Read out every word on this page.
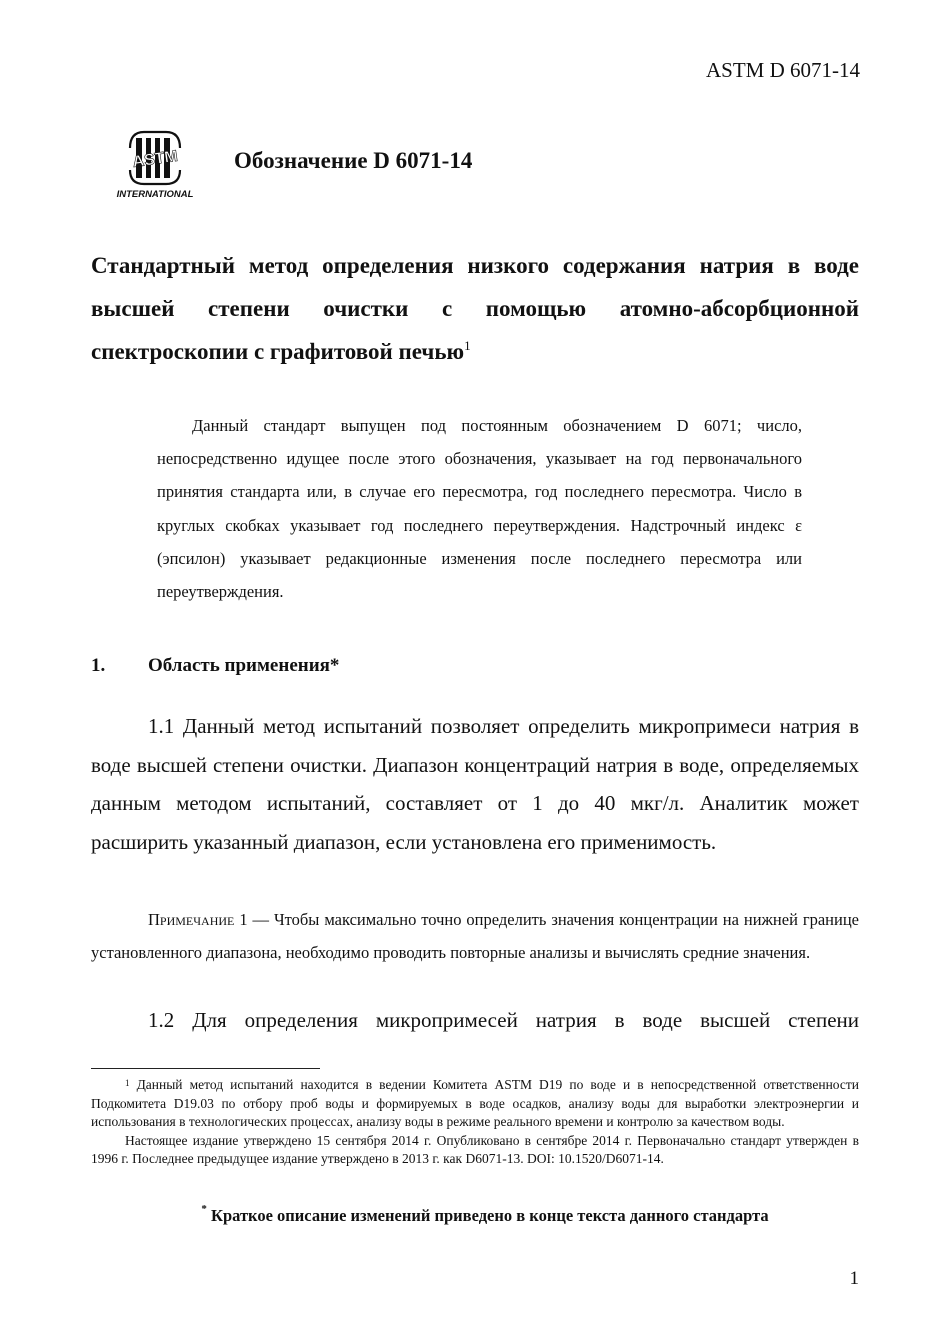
ASTM D 6071-14
ASTM
INTERNATIONAL
Обозначение D 6071-14
Стандартный метод определения низкого содержания натрия в воде высшей степени очистки с помощью атомно-абсорбционной спектроскопии с графитовой печью$^1$

Данный стандарт выпущен под постоянным обозначением D 6071; число, непосредственно идущее после этого обозначения, указывает на год первоначального принятия стандарта или, в случае его пересмотра, год последнего пересмотра. Число в круглых скобках указывает год последнего переутверждения. Надстрочный индекс ε (эпсилон) указывает редакционные изменения после последнего пересмотра или переутверждения.

1. Область применения*

1.1 Данный метод испытаний позволяет определить микропримеси натрия в воде высшей степени очистки. Диапазон концентраций натрия в воде, определяемых данным методом испытаний, составляет от 1 до 40 мкг/л. Аналитик может расширить указанный диапазон, если установлена его применимость.

Примечание 1 — Чтобы максимально точно определить значения концентрации на нижней границе установленного диапазона, необходимо проводить повторные анализы и вычислять средние значения.

1.2 Для определения микропримесей натрия в воде высшей степени

$^1$ Данный метод испытаний находится в ведении Комитета ASTM D19 по воде и в непосредственной ответственности Подкомитета D19.03 по отбору проб воды и формируемых в воде осадков, анализу воды для выработки электроэнергии и использования в технологических процессах, анализу воды в режиме реального времени и контролю за качеством воды.

Настоящее издание утверждено 15 сентября 2014 г. Опубликовано в сентябре 2014 г. Первоначально стандарт утвержден в 1996 г. Последнее предыдущее издание утверждено в 2013 г. как D6071-13. DOI: 10.1520/D6071-14.

* Краткое описание изменений приведено в конце текста данного стандарта
1
